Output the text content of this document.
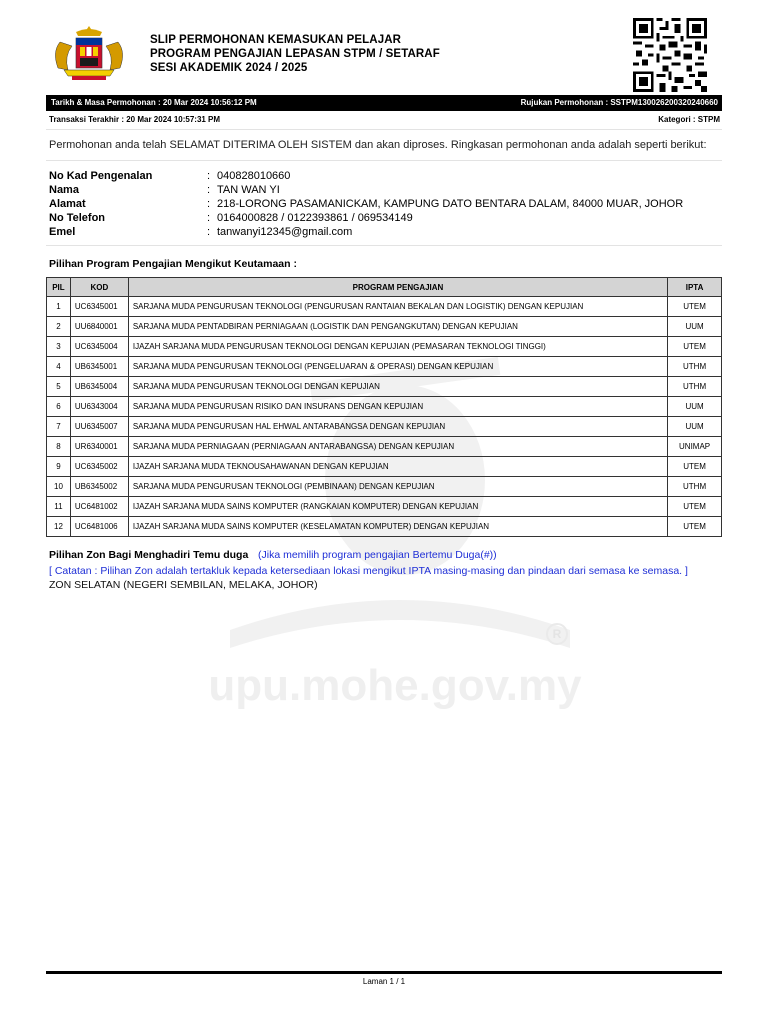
R
upu.mohe.gov.my
SLIP PERMOHONAN KEMASUKAN PELAJAR
PROGRAM PENGAJIAN LEPASAN STPM / SETARAF
SESI AKADEMIK 2024 / 2025
Tarikh & Masa Permohonan : 20 Mar 2024 10:56:12 PM	Rujukan Permohonan : SSTPM130026200320240660
Transaksi Terakhir : 20 Mar 2024 10:57:31 PM	Kategori : STPM
Permohonan anda telah SELAMAT DITERIMA OLEH SISTEM dan akan diproses. Ringkasan permohonan anda adalah seperti berikut:
No Kad Pengenalan	: 040828010660
Nama	: TAN WAN YI
Alamat	: 218-LORONG PASAMANICKAM, KAMPUNG DATO BENTARA DALAM, 84000 MUAR, JOHOR
No Telefon	: 0164000828 / 0122393861 / 069534149
Emel	: tanwanyi12345@gmail.com
Pilihan Program Pengajian Mengikut Keutamaan :
PIL	KOD	PROGRAM PENGAJIAN	IPTA
1	UC6345001	SARJANA MUDA PENGURUSAN TEKNOLOGI (PENGURUSAN RANTAIAN BEKALAN DAN LOGISTIK) DENGAN KEPUJIAN	UTEM
2	UU6840001	SARJANA MUDA PENTADBIRAN PERNIAGAAN (LOGISTIK DAN PENGANGKUTAN) DENGAN KEPUJIAN	UUM
3	UC6345004	IJAZAH SARJANA MUDA PENGURUSAN TEKNOLOGI DENGAN KEPUJIAN (PEMASARAN TEKNOLOGI TINGGI)	UTEM
4	UB6345001	SARJANA MUDA PENGURUSAN TEKNOLOGI (PENGELUARAN & OPERASI) DENGAN KEPUJIAN	UTHM
5	UB6345004	SARJANA MUDA PENGURUSAN TEKNOLOGI DENGAN KEPUJIAN	UTHM
6	UU6343004	SARJANA MUDA PENGURUSAN RISIKO DAN INSURANS DENGAN KEPUJIAN	UUM
7	UU6345007	SARJANA MUDA PENGURUSAN HAL EHWAL ANTARABANGSA DENGAN KEPUJIAN	UUM
8	UR6340001	SARJANA MUDA PERNIAGAAN (PERNIAGAAN ANTARABANGSA) DENGAN KEPUJIAN	UNIMAP
9	UC6345002	IJAZAH SARJANA MUDA TEKNOUSAHAWANAN DENGAN KEPUJIAN	UTEM
10	UB6345002	SARJANA MUDA PENGURUSAN TEKNOLOGI (PEMBINAAN) DENGAN KEPUJIAN	UTHM
11	UC6481002	IJAZAH SARJANA MUDA SAINS KOMPUTER (RANGKAIAN KOMPUTER) DENGAN KEPUJIAN	UTEM
12	UC6481006	IJAZAH SARJANA MUDA SAINS KOMPUTER (KESELAMATAN KOMPUTER) DENGAN KEPUJIAN	UTEM
Pilihan Zon Bagi Menghadiri Temu duga (Jika memilih program pengajian Bertemu Duga(#))
[ Catatan : Pilihan Zon adalah tertakluk kepada ketersediaan lokasi mengikut IPTA masing-masing dan pindaan dari semasa ke semasa. ]
ZON SELATAN (NEGERI SEMBILAN, MELAKA, JOHOR)
Laman 1 / 1
